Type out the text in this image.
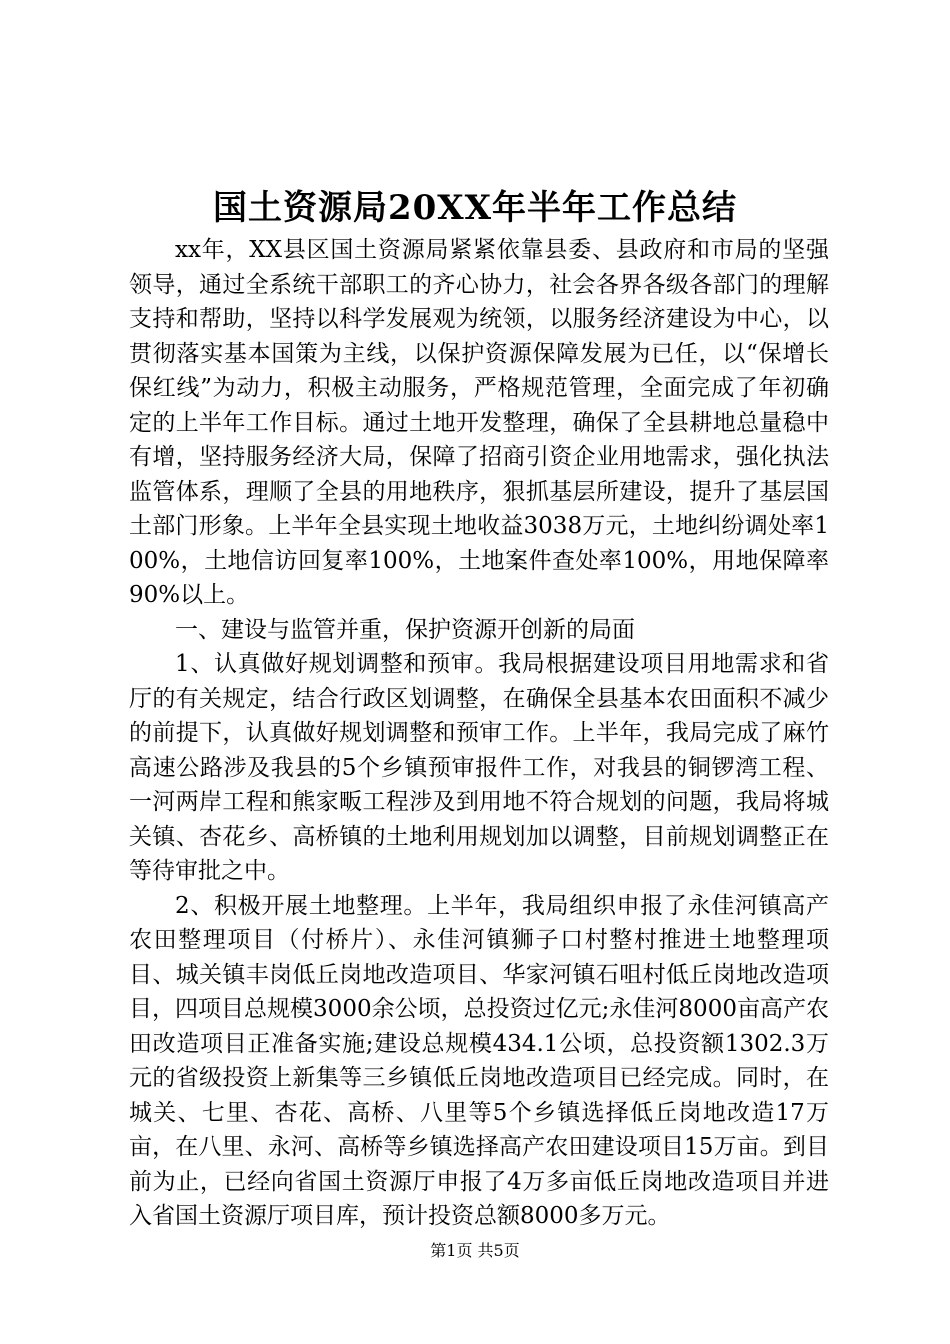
国土资源局20XX年半年工作总结

xx年，XX县区国土资源局紧紧依靠县委、县政府和市局的坚强领导，通过全系统干部职工的齐心协力，社会各界各级各部门的理解支持和帮助，坚持以科学发展观为统领，以服务经济建设为中心，以贯彻落实基本国策为主线，以保护资源保障发展为已任，以“保增长保红线”为动力，积极主动服务，严格规范管理，全面完成了年初确定的上半年工作目标。通过土地开发整理，确保了全县耕地总量稳中有增，坚持服务经济大局，保障了招商引资企业用地需求，强化执法监管体系，理顺了全县的用地秩序，狠抓基层所建设，提升了基层国土部门形象。上半年全县实现土地收益3038万元，土地纠纷调处率100%，土地信访回复率100%，土地案件查处率100%，用地保障率90%以上。

一、建设与监管并重，保护资源开创新的局面

1、认真做好规划调整和预审。我局根据建设项目用地需求和省厅的有关规定，结合行政区划调整，在确保全县基本农田面积不减少的前提下，认真做好规划调整和预审工作。上半年，我局完成了麻竹高速公路涉及我县的5个乡镇预审报件工作，对我县的铜锣湾工程、一河两岸工程和熊家畈工程涉及到用地不符合规划的问题，我局将城关镇、杏花乡、高桥镇的土地利用规划加以调整，目前规划调整正在等待审批之中。

2、积极开展土地整理。上半年，我局组织申报了永佳河镇高产农田整理项目（付桥片）、永佳河镇狮子口村整村推进土地整理项目、城关镇丰岗低丘岗地改造项目、华家河镇石咀村低丘岗地改造项目，四项目总规模3000余公顷，总投资过亿元;永佳河8000亩高产农田改造项目正准备实施;建设总规模434.1公顷，总投资额1302.3万元的省级投资上新集等三乡镇低丘岗地改造项目已经完成。同时，在城关、七里、杏花、高桥、八里等5个乡镇选择低丘岗地改造17万亩，在八里、永河、高桥等乡镇选择高产农田建设项目15万亩。到目前为止，已经向省国土资源厅申报了4万多亩低丘岗地改造项目并进入省国土资源厅项目库，预计投资总额8000多万元。

第1页 共5页
